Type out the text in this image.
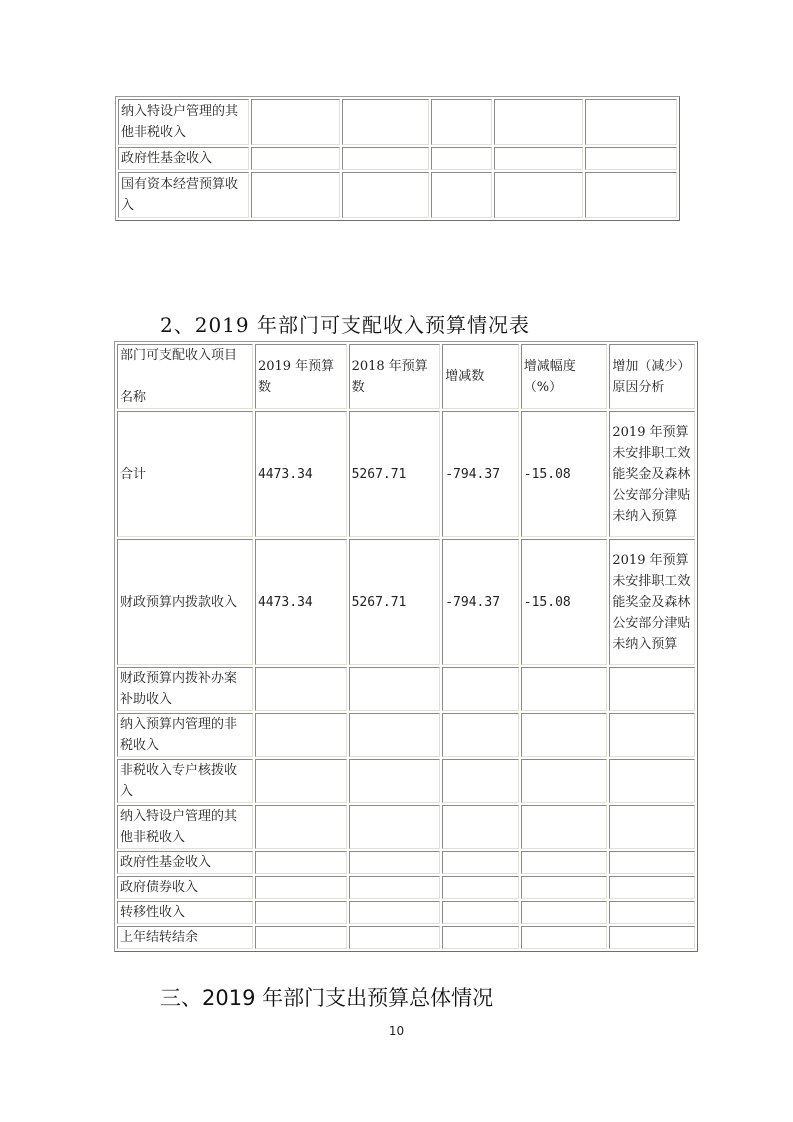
纳入特设户管理的其他非税收入					
政府性基金收入					
国有资本经营预算收入					
2、2019 年部门可支配收入预算情况表
部门可支配收入项目

名称	2019 年预算数	2018 年预算数	增减数	增减幅度（%）	增加（减少）原因分析
合计	4473.34	5267.71	-794.37	-15.08	2019 年预算未安排职工效能奖金及森林公安部分津贴未纳入预算
财政预算内拨款收入	4473.34	5267.71	-794.37	-15.08	2019 年预算未安排职工效能奖金及森林公安部分津贴未纳入预算
财政预算内拨补办案补助收入					
纳入预算内管理的非税收入					
非税收入专户核拨收入					
纳入特设户管理的其他非税收入					
政府性基金收入					
政府债券收入					
转移性收入					
上年结转结余					
三、2019 年部门支出预算总体情况
10
